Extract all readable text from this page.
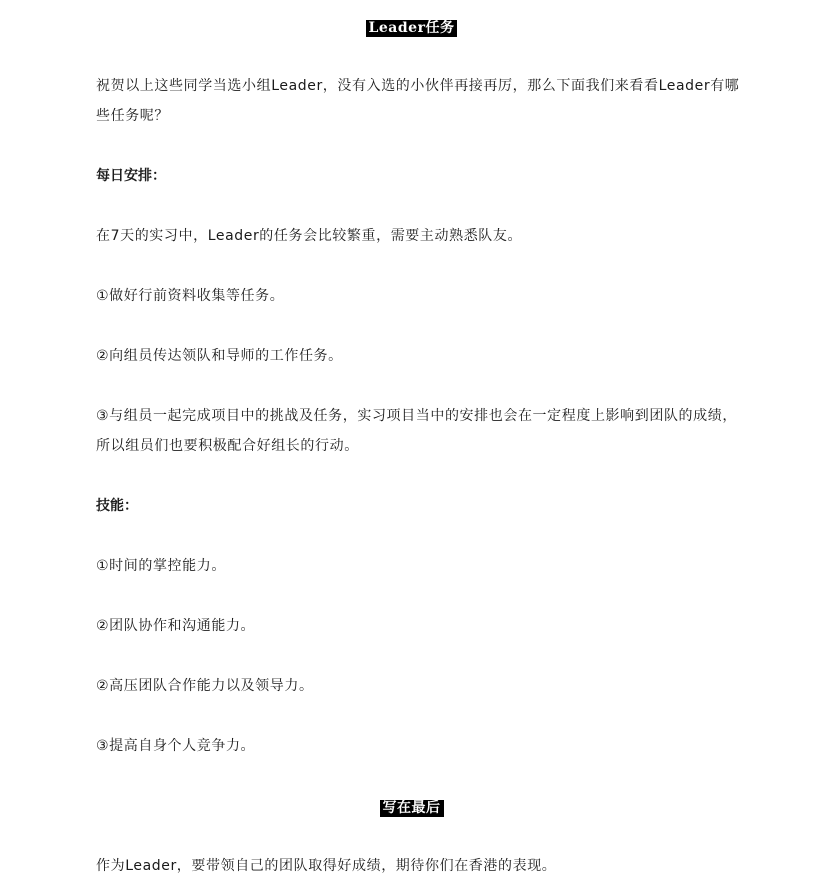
Leader任务

祝贺以上这些同学当选小组Leader，没有入选的小伙伴再接再厉，那么下面我们来看看Leader有哪些任务呢？

每日安排：

在7天的实习中，Leader的任务会比较繁重，需要主动熟悉队友。

①做好行前资料收集等任务。

②向组员传达领队和导师的工作任务。

③与组员一起完成项目中的挑战及任务，实习项目当中的安排也会在一定程度上影响到团队的成绩，所以组员们也要积极配合好组长的行动。

技能：

①时间的掌控能力。

②团队协作和沟通能力。

②高压团队合作能力以及领导力。

③提高自身个人竞争力。

写在最后

作为Leader，要带领自己的团队取得好成绩，期待你们在香港的表现。
